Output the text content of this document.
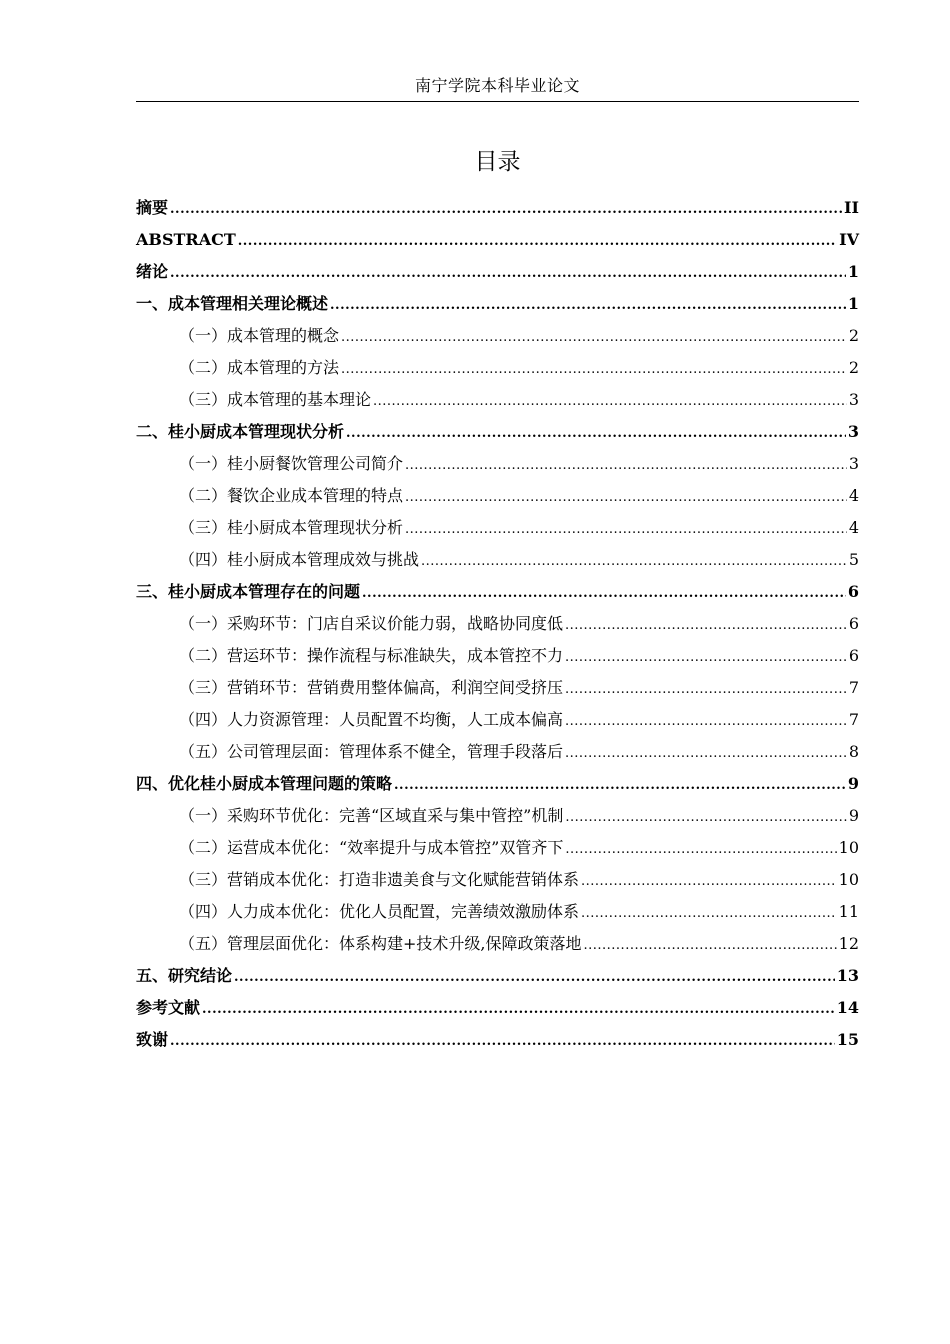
南宁学院本科毕业论文
目录
摘要 .....	II
ABSTRACT .....	IV
绪论 .....	1
一、成本管理相关理论概述 .....	1
（一）成本管理的概念 .....	2
（二）成本管理的方法 .....	2
（三）成本管理的基本理论 .....	3
二、桂小厨成本管理现状分析 .....	3
（一）桂小厨餐饮管理公司简介 .....	3
（二）餐饮企业成本管理的特点 .....	4
（三）桂小厨成本管理现状分析 .....	4
（四）桂小厨成本管理成效与挑战 .....	5
三、桂小厨成本管理存在的问题 .....	6
（一）采购环节：门店自采议价能力弱，战略协同度低 .....	6
（二）营运环节：操作流程与标准缺失，成本管控不力 .....	6
（三）营销环节：营销费用整体偏高，利润空间受挤压 .....	7
（四）人力资源管理：人员配置不均衡，人工成本偏高 .....	7
（五）公司管理层面：管理体系不健全，管理手段落后 .....	8
四、优化桂小厨成本管理问题的策略 .....	9
（一）采购环节优化：完善“区域直采与集中管控”机制 .....	9
（二）运营成本优化：“效率提升与成本管控”双管齐下 .....	10
（三）营销成本优化：打造非遗美食与文化赋能营销体系 .....	10
（四）人力成本优化：优化人员配置，完善绩效激励体系 .....	11
（五）管理层面优化：体系构建+技术升级,保障政策落地 .....	12
五、研究结论 .....	13
参考文献 .....	14
致谢 .....	15
